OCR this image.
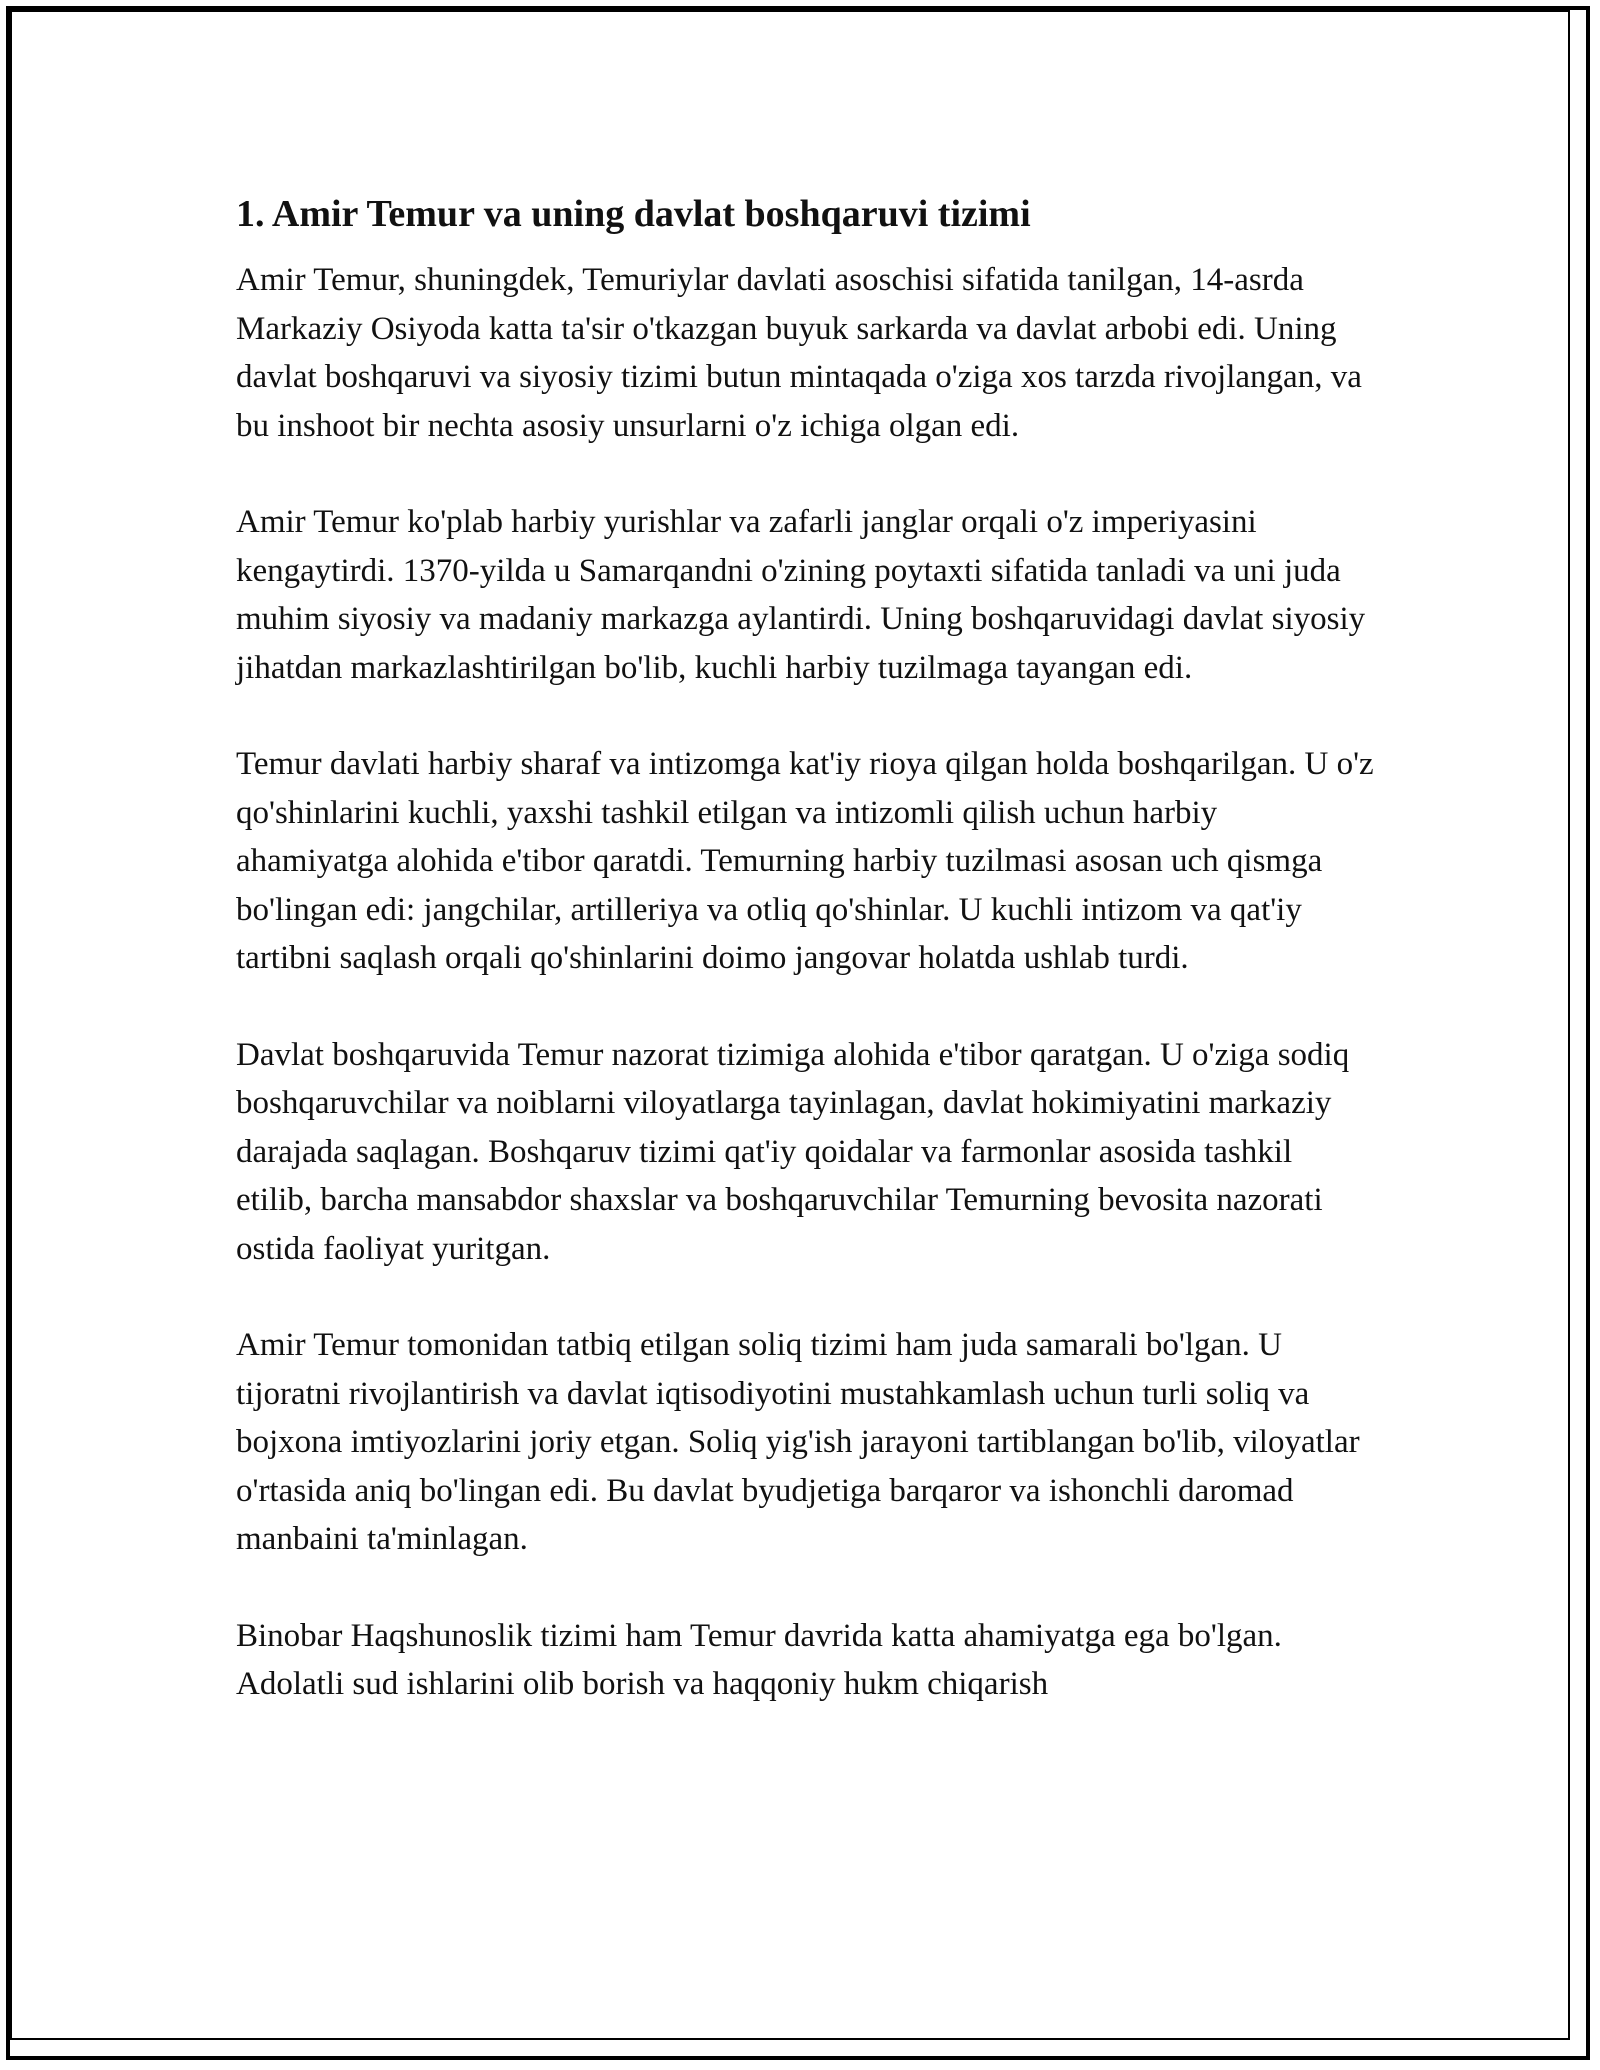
1. Amir Temur va uning davlat boshqaruvi tizimi

Amir Temur, shuningdek, Temuriylar davlati asoschisi sifatida tanilgan, 14-asrda Markaziy Osiyoda katta ta'sir o'tkazgan buyuk sarkarda va davlat arbobi edi. Uning davlat boshqaruvi va siyosiy tizimi butun mintaqada o'ziga xos tarzda rivojlangan, va bu inshoot bir nechta asosiy unsurlarni o'z ichiga olgan edi.

Amir Temur ko'plab harbiy yurishlar va zafarli janglar orqali o'z imperiyasini kengaytirdi. 1370-yilda u Samarqandni o'zining poytaxti sifatida tanladi va uni juda muhim siyosiy va madaniy markazga aylantirdi. Uning boshqaruvidagi davlat siyosiy jihatdan markazlashtirilgan bo'lib, kuchli harbiy tuzilmaga tayangan edi.

Temur davlati harbiy sharaf va intizomga kat'iy rioya qilgan holda boshqarilgan. U o'z qo'shinlarini kuchli, yaxshi tashkil etilgan va intizomli qilish uchun harbiy ahamiyatga alohida e'tibor qaratdi. Temurning harbiy tuzilmasi asosan uch qismga bo'lingan edi: jangchilar, artilleriya va otliq qo'shinlar. U kuchli intizom va qat'iy tartibni saqlash orqali qo'shinlarini doimo jangovar holatda ushlab turdi.

Davlat boshqaruvida Temur nazorat tizimiga alohida e'tibor qaratgan. U o'ziga sodiq boshqaruvchilar va noiblarni viloyatlarga tayinlagan, davlat hokimiyatini markaziy darajada saqlagan. Boshqaruv tizimi qat'iy qoidalar va farmonlar asosida tashkil etilib, barcha mansabdor shaxslar va boshqaruvchilar Temurning bevosita nazorati ostida faoliyat yuritgan.

Amir Temur tomonidan tatbiq etilgan soliq tizimi ham juda samarali bo'lgan. U tijoratni rivojlantirish va davlat iqtisodiyotini mustahkamlash uchun turli soliq va bojxona imtiyozlarini joriy etgan. Soliq yig'ish jarayoni tartiblangan bo'lib, viloyatlar o'rtasida aniq bo'lingan edi. Bu davlat byudjetiga barqaror va ishonchli daromad manbaini ta'minlagan.

Binobar Haqshunoslik tizimi ham Temur davrida katta ahamiyatga ega bo'lgan. Adolatli sud ishlarini olib borish va haqqoniy hukm chiqarish
